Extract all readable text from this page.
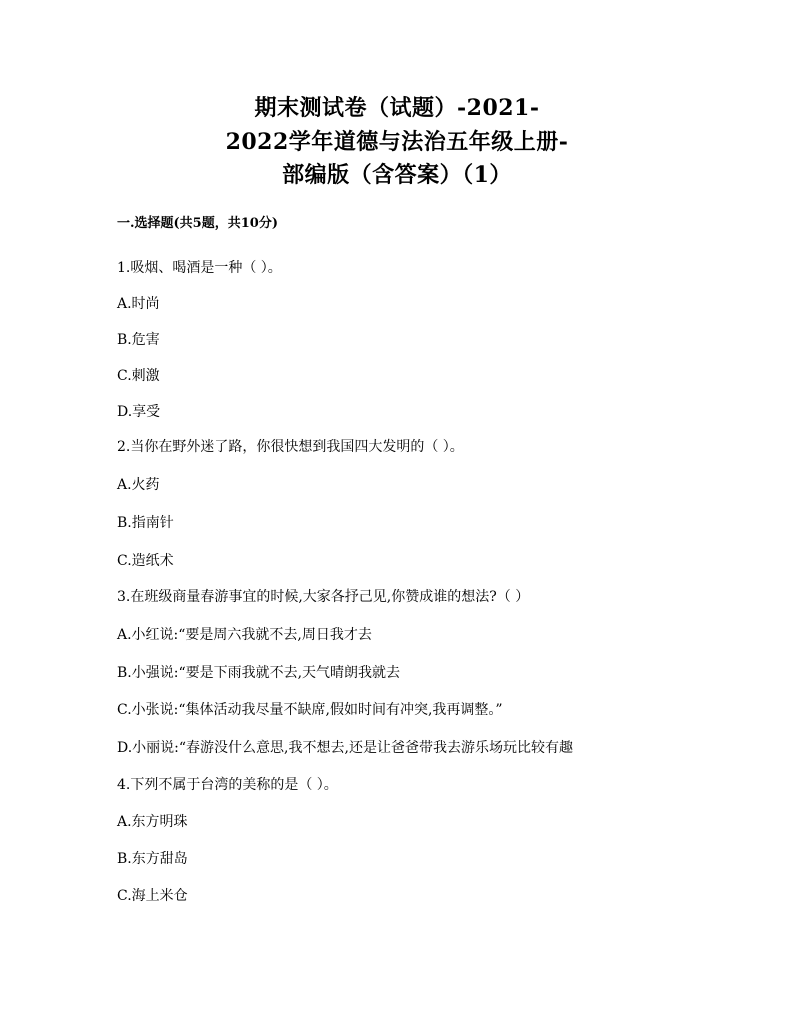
期末测试卷（试题）-2021-
2022学年道德与法治五年级上册-
部编版（含答案）（1）
一.选择题(共5题，共10分)
1.吸烟、喝酒是一种（ ）。
A.时尚
B.危害
C.刺激
D.享受
2.当你在野外迷了路，你很快想到我国四大发明的（ ）。
A.火药
B.指南针
C.造纸术
3.在班级商量春游事宜的时候,大家各抒己见,你赞成谁的想法?（ ）
A.小红说:“要是周六我就不去,周日我才去
B.小强说:“要是下雨我就不去,天气晴朗我就去
C.小张说:“集体活动我尽量不缺席,假如时间有冲突,我再调整。”
D.小丽说:“春游没什么意思,我不想去,还是让爸爸带我去游乐场玩比较有趣
4.下列不属于台湾的美称的是（ ）。
A.东方明珠
B.东方甜岛
C.海上米仓
